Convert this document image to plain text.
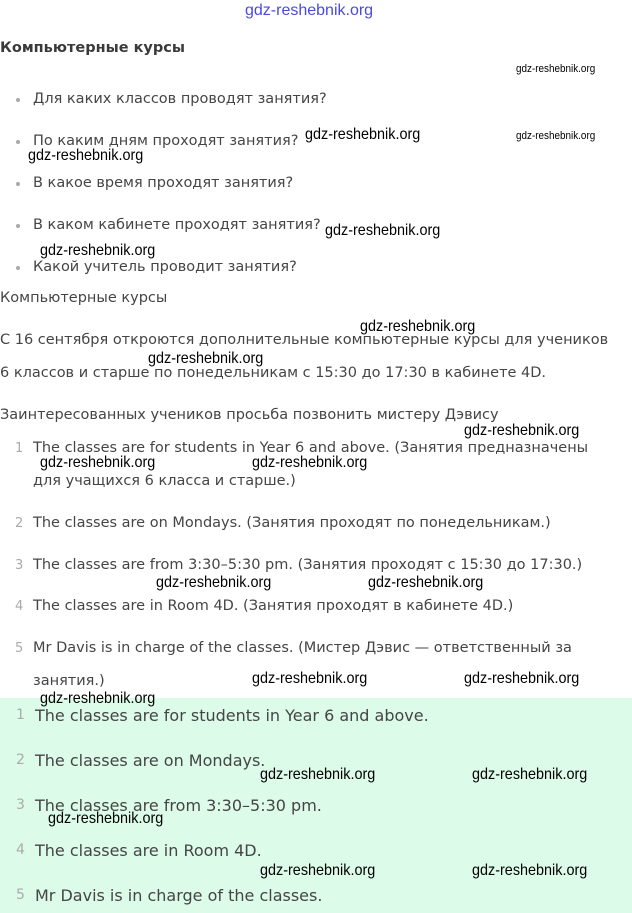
gdz-reshebnik.org
Компьютерные курсы
Для каких классов проводят занятия?
По каким дням проходят занятия?
В какое время проходят занятия?
В каком кабинете проходят занятия?
Какой учитель проводит занятия?
Компьютерные курсы
С 16 сентября откроются дополнительные компьютерные курсы для учеников
6 классов и старше по понедельникам с 15:30 до 17:30 в кабинете 4D.
Заинтересованных учеников просьба позвонить мистеру Дэвису
1 The classes are for students in Year 6 and above. (Занятия предназначены
для учащихся 6 класса и старше.)
2 The classes are on Mondays. (Занятия проходят по понедельникам.)
3 The classes are from 3:30–5:30 pm. (Занятия проходят с 15:30 до 17:30.)
4 The classes are in Room 4D. (Занятия проходят в кабинете 4D.)
5 Mr Davis is in charge of the classes. (Мистер Дэвис — ответственный за
занятия.)
1 The classes are for students in Year 6 and above.
2 The classes are on Mondays.
3 The classes are from 3:30–5:30 pm.
4 The classes are in Room 4D.
5 Mr Davis is in charge of the classes.
gdz-reshebnik.org
gdz-reshebnik.org
gdz-reshebnik.org
gdz-reshebnik.org
gdz-reshebnik.org
gdz-reshebnik.org
gdz-reshebnik.org
gdz-reshebnik.org
gdz-reshebnik.org
gdz-reshebnik.org	gdz-reshebnik.org
gdz-reshebnik.org	gdz-reshebnik.org
gdz-reshebnik.org	gdz-reshebnik.org
gdz-reshebnik.org
gdz-reshebnik.org	gdz-reshebnik.org
gdz-reshebnik.org
gdz-reshebnik.org	gdz-reshebnik.org
